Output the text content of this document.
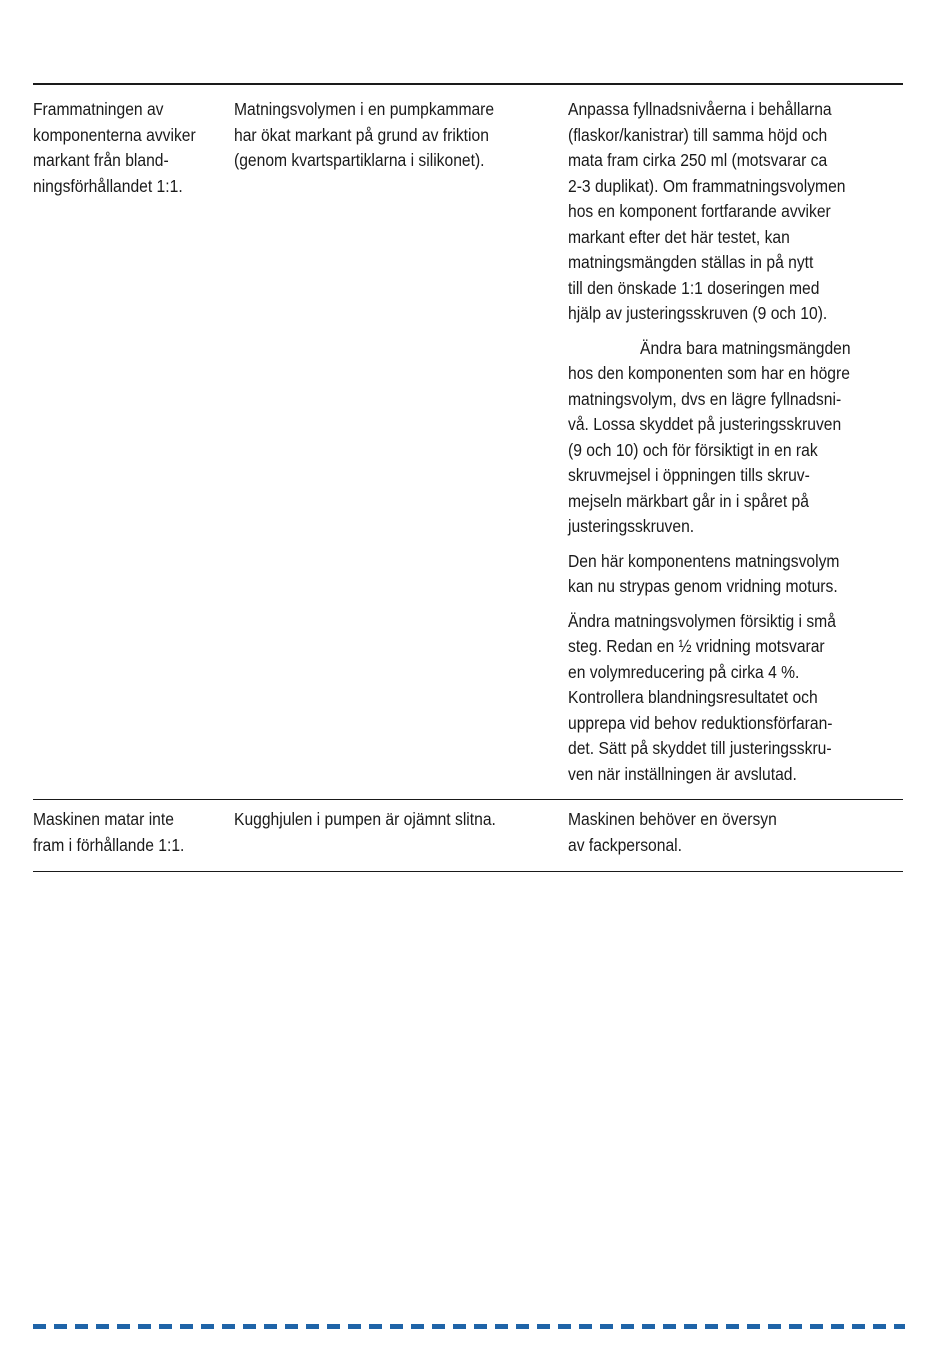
Frammatningen av
komponenterna avviker
markant från bland-
ningsförhållandet 1:1.
Matningsvolymen i en pumpkammare
har ökat markant på grund av friktion
(genom kvartspartiklarna i silikonet).
Anpassa fyllnadsnivåerna i behållarna
(flaskor/kanistrar) till samma höjd och
mata fram cirka 250 ml (motsvarar ca
2-3 duplikat). Om frammatningsvolymen
hos en komponent fortfarande avviker
markant efter det här testet, kan
matningsmängden ställas in på nytt
till den önskade 1:1 doseringen med
hjälp av justeringsskruven (9 och 10).
Ändra bara matningsmängden
hos den komponenten som har en högre
matningsvolym, dvs en lägre fyllnadsni-
vå. Lossa skyddet på justeringsskruven
(9 och 10) och för försiktigt in en rak
skruvmejsel i öppningen tills skruv-
mejseln märkbart går in i spåret på
justeringsskruven.
Den här komponentens matningsvolym
kan nu strypas genom vridning moturs.
Ändra matningsvolymen försiktig i små
steg. Redan en ½ vridning motsvarar
en volymreducering på cirka 4 %.
Kontrollera blandningsresultatet och
upprepa vid behov reduktionsförfaran-
det. Sätt på skyddet till justeringsskru-
ven när inställningen är avslutad.
Maskinen matar inte
fram i förhållande 1:1.
Kugghjulen i pumpen är ojämnt slitna.	Maskinen behöver en översyn
av fackpersonal.
